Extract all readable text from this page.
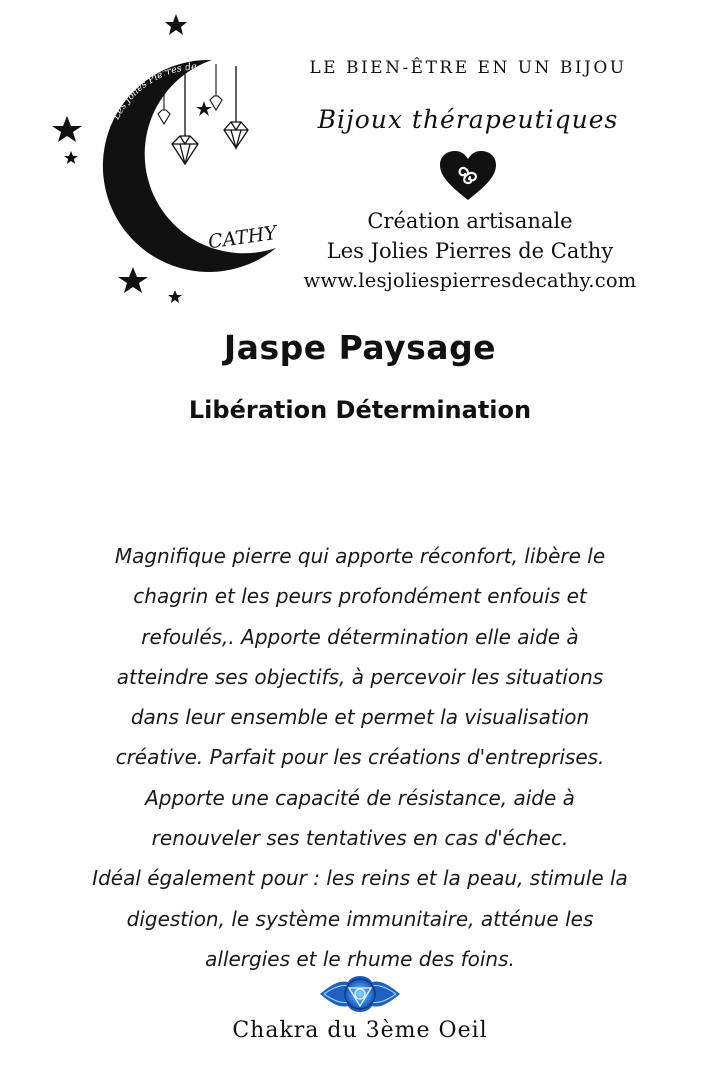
Les Jolies Pierres de
CATHY
LE BIEN-ÊTRE EN UN BIJOU
Bijoux thérapeutiques
Création artisanale
Les Jolies Pierres de Cathy
www.lesjoliespierresdecathy.com
Jaspe Paysage
Libération Détermination
Magnifique pierre qui apporte réconfort, libère le
chagrin et les peurs profondément enfouis et
refoulés,. Apporte détermination elle aide à
atteindre ses objectifs, à percevoir les situations
dans leur ensemble et permet la visualisation
créative. Parfait pour les créations d'entreprises.
Apporte une capacité de résistance, aide à
renouveler ses tentatives en cas d'échec.
Idéal également pour : les reins et la peau, stimule la
digestion, le système immunitaire, atténue les
allergies et le rhume des foins.
Chakra du 3ème Oeil
